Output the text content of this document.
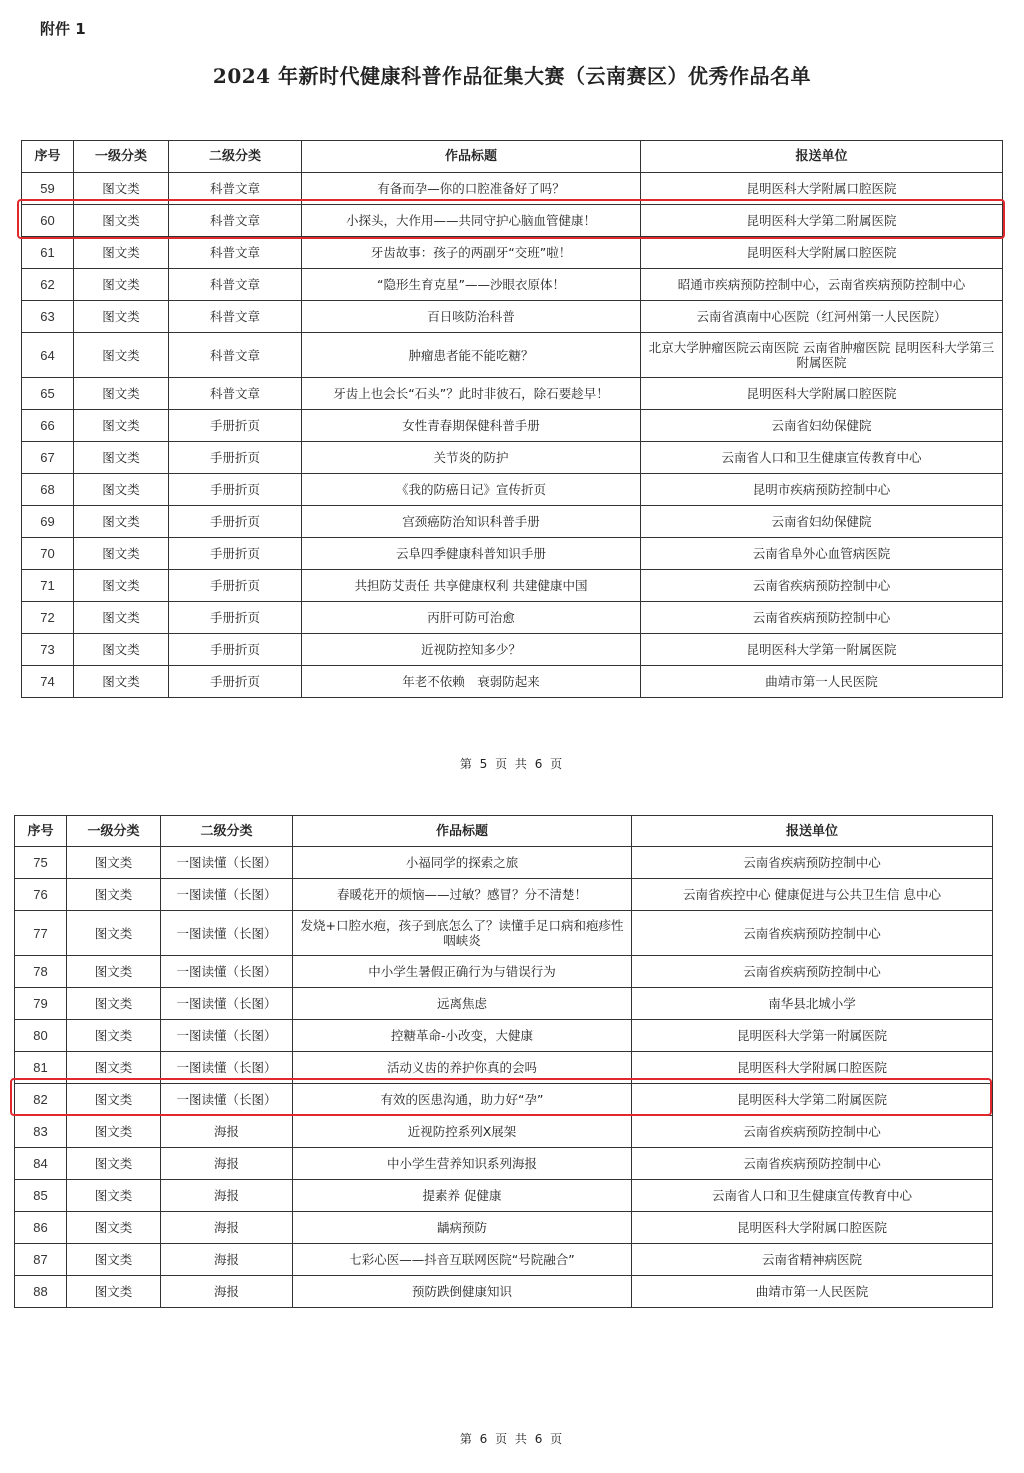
附件 1
2024 年新时代健康科普作品征集大赛（云南赛区）优秀作品名单
序号	一级分类	二级分类	作品标题	报送单位
59	图文类	科普文章	有备而孕—你的口腔准备好了吗？	昆明医科大学附属口腔医院
60	图文类	科普文章	小探头，大作用——共同守护心脑血管健康！	昆明医科大学第二附属医院
61	图文类	科普文章	牙齿故事：孩子的两副牙“交班”啦！	昆明医科大学附属口腔医院
62	图文类	科普文章	“隐形生育克星”——沙眼衣原体！	昭通市疾病预防控制中心，云南省疾病预防控制中心
63	图文类	科普文章	百日咳防治科普	云南省滇南中心医院（红河州第一人民医院）
64	图文类	科普文章	肿瘤患者能不能吃糖？	北京大学肿瘤医院云南医院 云南省肿瘤医院 昆明医科大学第三附属医院
65	图文类	科普文章	牙齿上也会长“石头”？此时非彼石，除石要趁早！	昆明医科大学附属口腔医院
66	图文类	手册折页	女性青春期保健科普手册	云南省妇幼保健院
67	图文类	手册折页	关节炎的防护	云南省人口和卫生健康宣传教育中心
68	图文类	手册折页	《我的防癌日记》宣传折页	昆明市疾病预防控制中心
69	图文类	手册折页	宫颈癌防治知识科普手册	云南省妇幼保健院
70	图文类	手册折页	云阜四季健康科普知识手册	云南省阜外心血管病医院
71	图文类	手册折页	共担防艾责任 共享健康权利 共建健康中国	云南省疾病预防控制中心
72	图文类	手册折页	丙肝可防可治愈	云南省疾病预防控制中心
73	图文类	手册折页	近视防控知多少？	昆明医科大学第一附属医院
74	图文类	手册折页	年老不依赖　衰弱防起来	曲靖市第一人民医院
第 5 页 共 6 页
序号	一级分类	二级分类	作品标题	报送单位
75	图文类	一图读懂（长图）	小福同学的探索之旅	云南省疾病预防控制中心
76	图文类	一图读懂（长图）	春暖花开的烦恼——过敏？感冒？分不清楚！	云南省疾控中心 健康促进与公共卫生信 息中心
77	图文类	一图读懂（长图）	发烧+口腔水疱，孩子到底怎么了？读懂手足口病和疱疹性咽峡炎	云南省疾病预防控制中心
78	图文类	一图读懂（长图）	中小学生暑假正确行为与错误行为	云南省疾病预防控制中心
79	图文类	一图读懂（长图）	远离焦虑	南华县北城小学
80	图文类	一图读懂（长图）	控糖革命-小改变，大健康	昆明医科大学第一附属医院
81	图文类	一图读懂（长图）	活动义齿的养护你真的会吗	昆明医科大学附属口腔医院
82	图文类	一图读懂（长图）	有效的医患沟通，助力好“孕”	昆明医科大学第二附属医院
83	图文类	海报	近视防控系列X展架	云南省疾病预防控制中心
84	图文类	海报	中小学生营养知识系列海报	云南省疾病预防控制中心
85	图文类	海报	提素养 促健康	云南省人口和卫生健康宣传教育中心
86	图文类	海报	龋病预防	昆明医科大学附属口腔医院
87	图文类	海报	七彩心医——抖音互联网医院“号院融合”	云南省精神病医院
88	图文类	海报	预防跌倒健康知识	曲靖市第一人民医院
第 6 页 共 6 页
